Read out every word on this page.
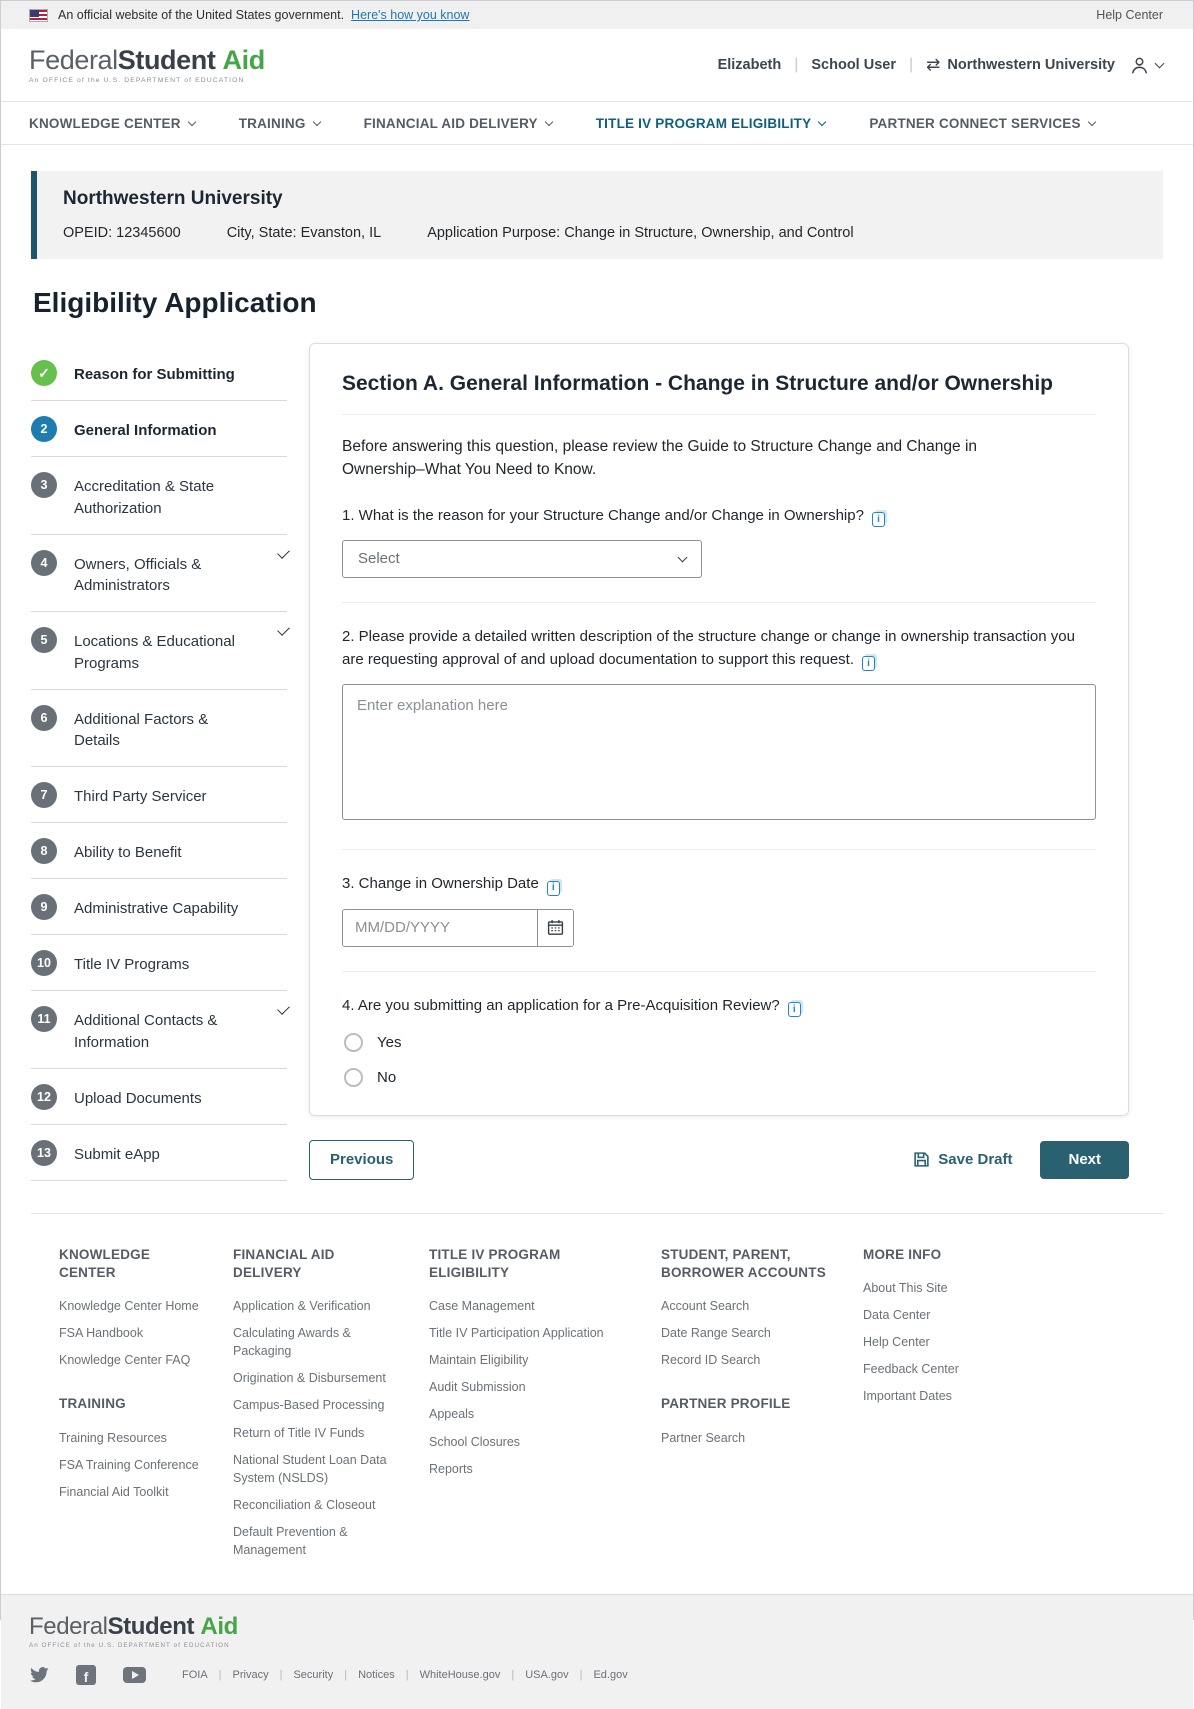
An official website of the United States government. Here's how you know	Help Center
FederalStudent Aid
An OFFICE of the U.S. DEPARTMENT of EDUCATION
Elizabeth | School User | ⇄ Northwestern University
KNOWLEDGE CENTER	TRAINING	FINANCIAL AID DELIVERY	TITLE IV PROGRAM ELIGIBILITY	PARTNER CONNECT SERVICES
Northwestern University
OPEID: 12345600	City, State: Evanston, IL	Application Purpose: Change in Structure, Ownership, and Control
Eligibility Application
✓	Reason for Submitting
2	General Information
3	Accreditation & State Authorization
4	Owners, Officials & Administrators
5	Locations & Educational Programs
6	Additional Factors & Details
7	Third Party Servicer
8	Ability to Benefit
9	Administrative Capability
10	Title IV Programs
11	Additional Contacts & Information
12	Upload Documents
13	Submit eApp
Section A. General Information - Change in Structure and/or Ownership

Before answering this question, please review the Guide to Structure Change and Change in Ownership–What You Need to Know.

1. What is the reason for your Structure Change and/or Change in Ownership? i
Select
2. Please provide a detailed written description of the structure change or change in ownership transaction you are requesting approval of and upload documentation to support this request. i
Enter explanation here
3. Change in Ownership Date i
MM/DD/YYYY
4. Are you submitting an application for a Pre-Acquisition Review? i
Yes
No
Previous	Save Draft	Next
KNOWLEDGE CENTER
Knowledge Center Home
FSA Handbook
Knowledge Center FAQ
TRAINING
Training Resources
FSA Training Conference
Financial Aid Toolkit
FINANCIAL AID DELIVERY
Application & Verification
Calculating Awards & Packaging
Origination & Disbursement
Campus-Based Processing
Return of Title IV Funds
National Student Loan Data System (NSLDS)
Reconciliation & Closeout
Default Prevention & Management
TITLE IV PROGRAM ELIGIBILITY
Case Management
Title IV Participation Application
Maintain Eligibility
Audit Submission
Appeals
School Closures
Reports
STUDENT, PARENT, BORROWER ACCOUNTS
Account Search
Date Range Search
Record ID Search
PARTNER PROFILE
Partner Search
MORE INFO
About This Site
Data Center
Help Center
Feedback Center
Important Dates
FederalStudent Aid
An OFFICE of the U.S. DEPARTMENT of EDUCATION
f	FOIA | Privacy | Security | Notices | WhiteHouse.gov | USA.gov | Ed.gov
